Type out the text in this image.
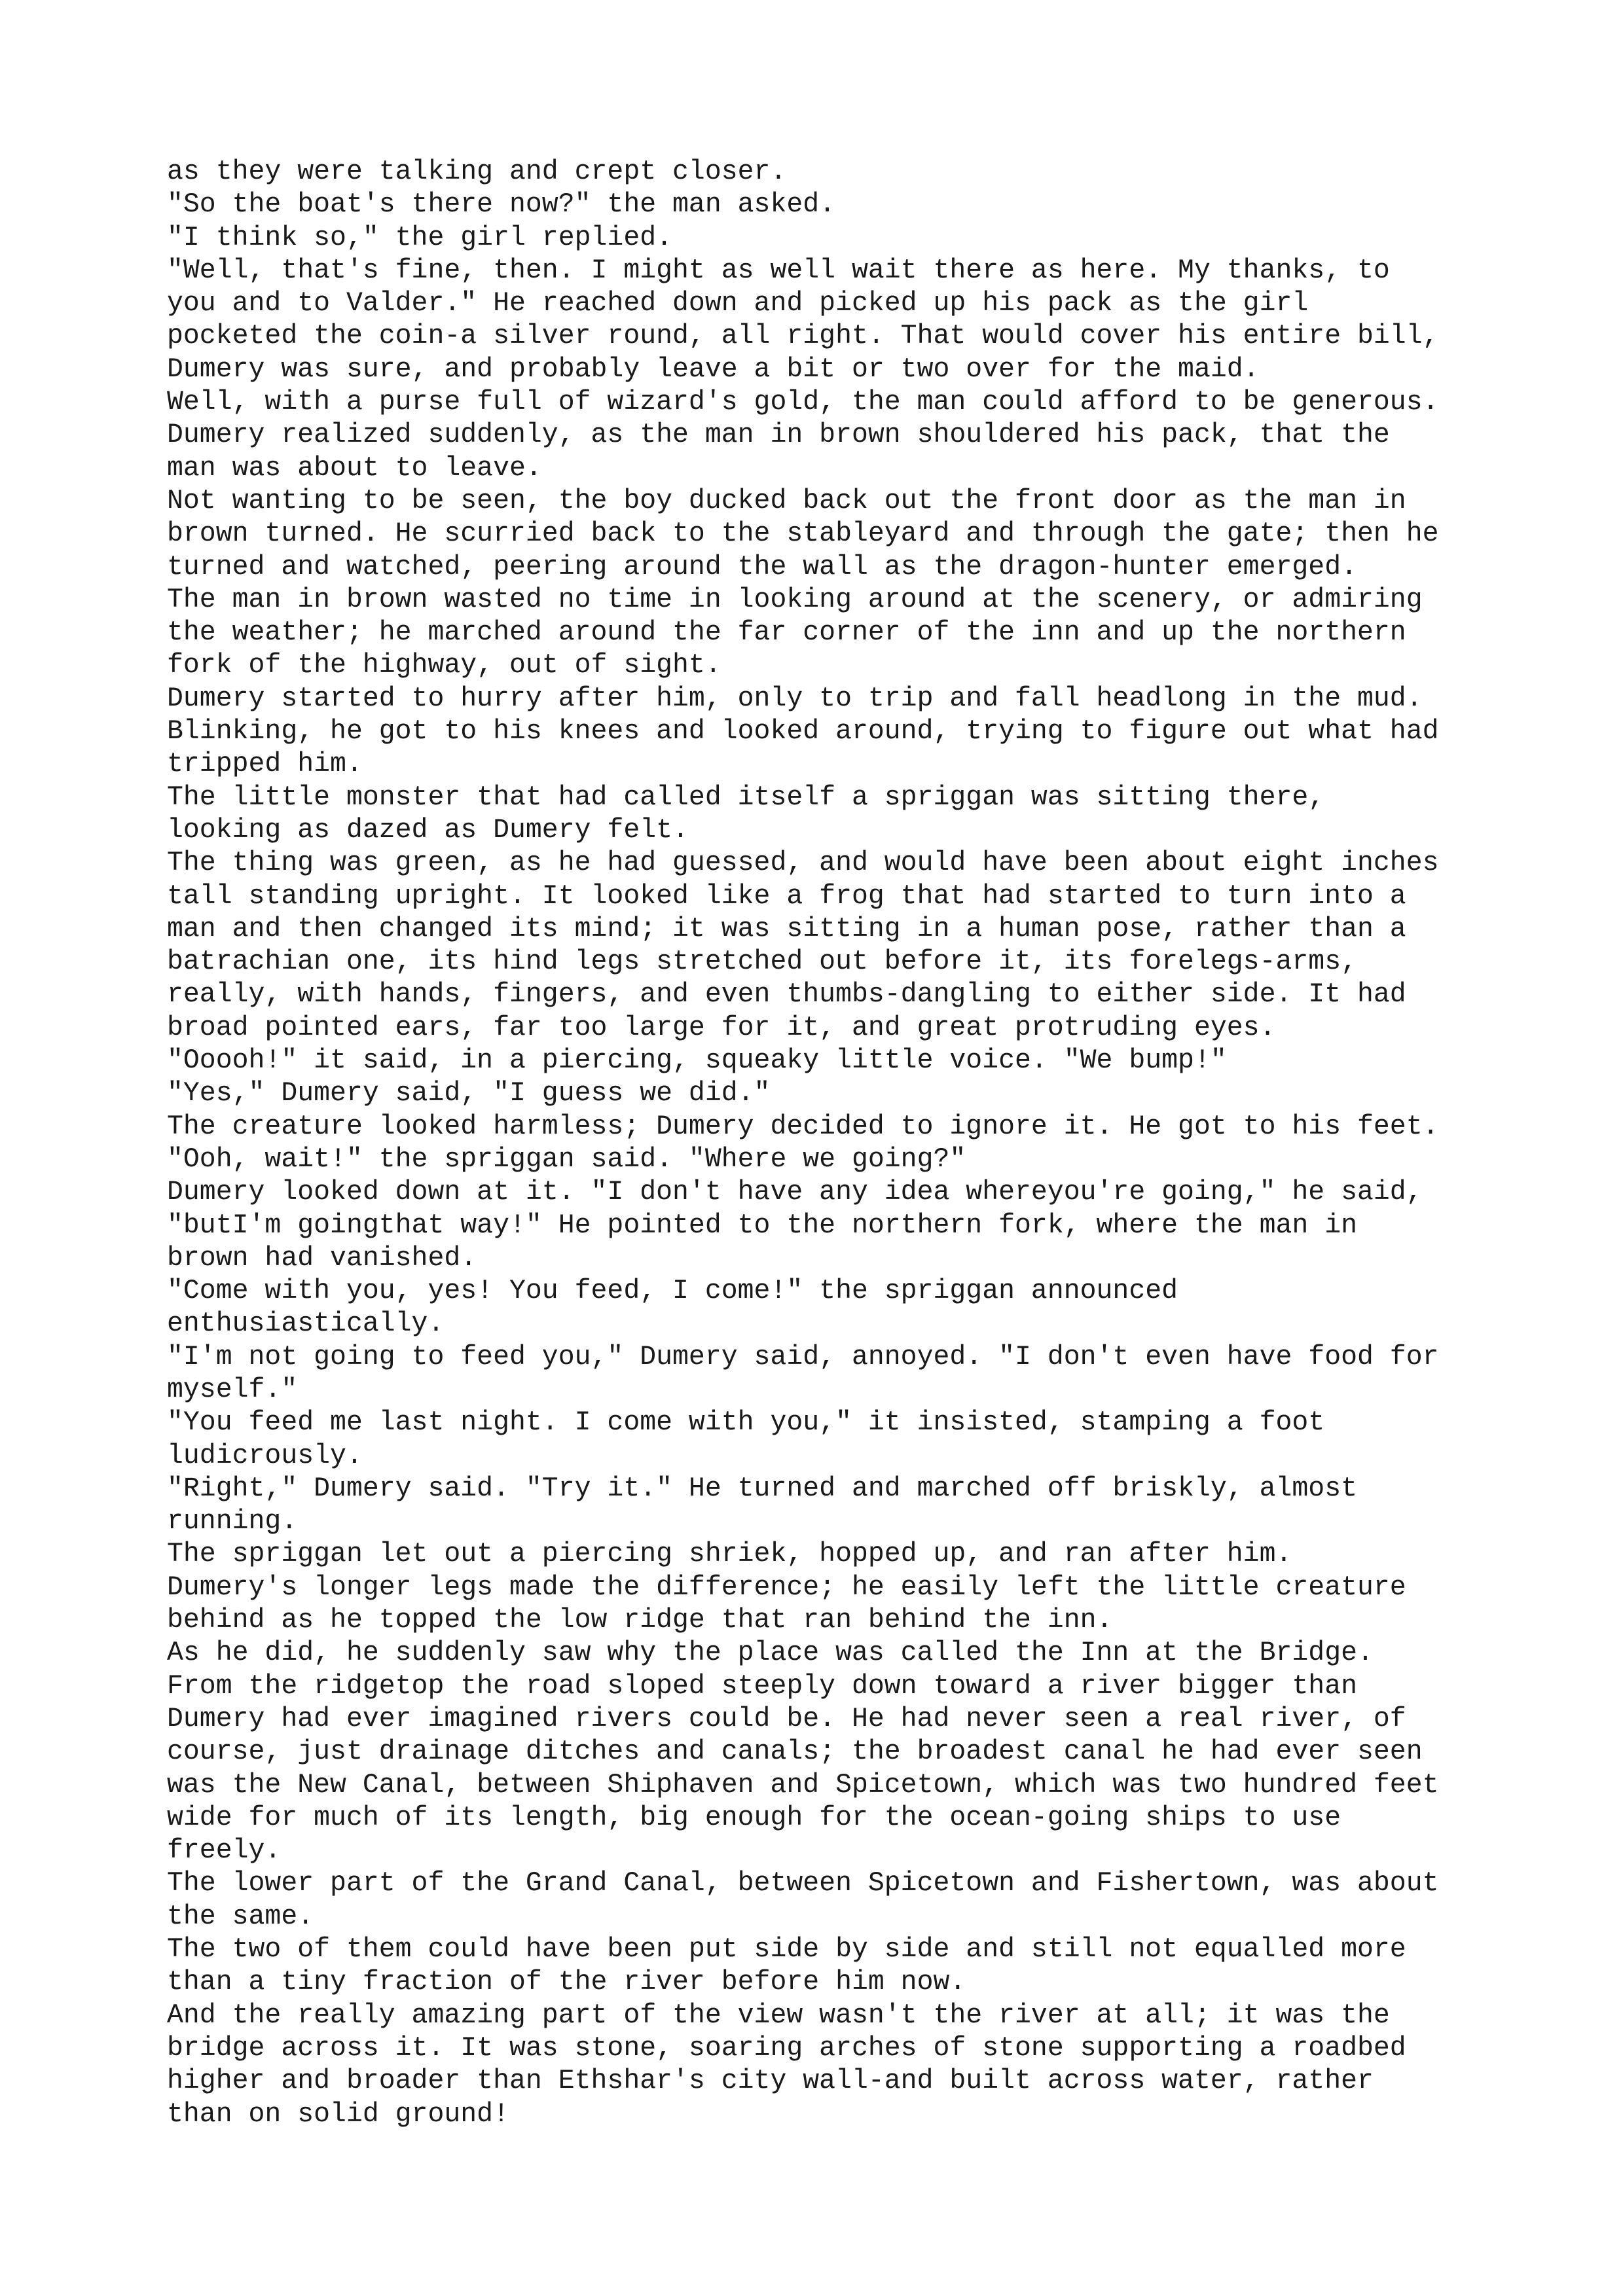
as they were talking and crept closer.
"So the boat's there now?" the man asked.
"I think so," the girl replied.
"Well, that's fine, then. I might as well wait there as here. My thanks, to
you and to Valder." He reached down and picked up his pack as the girl
pocketed the coin-a silver round, all right. That would cover his entire bill,
Dumery was sure, and probably leave a bit or two over for the maid.
Well, with a purse full of wizard's gold, the man could afford to be generous.
Dumery realized suddenly, as the man in brown shouldered his pack, that the
man was about to leave.
Not wanting to be seen, the boy ducked back out the front door as the man in
brown turned. He scurried back to the stableyard and through the gate; then he
turned and watched, peering around the wall as the dragon-hunter emerged.
The man in brown wasted no time in looking around at the scenery, or admiring
the weather; he marched around the far corner of the inn and up the northern
fork of the highway, out of sight.
Dumery started to hurry after him, only to trip and fall headlong in the mud.
Blinking, he got to his knees and looked around, trying to figure out what had
tripped him.
The little monster that had called itself a spriggan was sitting there,
looking as dazed as Dumery felt.
The thing was green, as he had guessed, and would have been about eight inches
tall standing upright. It looked like a frog that had started to turn into a
man and then changed its mind; it was sitting in a human pose, rather than a
batrachian one, its hind legs stretched out before it, its forelegs-arms,
really, with hands, fingers, and even thumbs-dangling to either side. It had
broad pointed ears, far too large for it, and great protruding eyes.
"Ooooh!" it said, in a piercing, squeaky little voice. "We bump!"
"Yes," Dumery said, "I guess we did."
The creature looked harmless; Dumery decided to ignore it. He got to his feet.
"Ooh, wait!" the spriggan said. "Where we going?"
Dumery looked down at it. "I don't have any idea whereyou're going," he said,
"butI'm goingthat way!" He pointed to the northern fork, where the man in
brown had vanished.
"Come with you, yes! You feed, I come!" the spriggan announced
enthusiastically.
"I'm not going to feed you," Dumery said, annoyed. "I don't even have food for
myself."
"You feed me last night. I come with you," it insisted, stamping a foot
ludicrously.
"Right," Dumery said. "Try it." He turned and marched off briskly, almost
running.
The spriggan let out a piercing shriek, hopped up, and ran after him.
Dumery's longer legs made the difference; he easily left the little creature
behind as he topped the low ridge that ran behind the inn.
As he did, he suddenly saw why the place was called the Inn at the Bridge.
From the ridgetop the road sloped steeply down toward a river bigger than
Dumery had ever imagined rivers could be. He had never seen a real river, of
course, just drainage ditches and canals; the broadest canal he had ever seen
was the New Canal, between Shiphaven and Spicetown, which was two hundred feet
wide for much of its length, big enough for the ocean-going ships to use
freely.
The lower part of the Grand Canal, between Spicetown and Fishertown, was about
the same.
The two of them could have been put side by side and still not equalled more
than a tiny fraction of the river before him now.
And the really amazing part of the view wasn't the river at all; it was the
bridge across it. It was stone, soaring arches of stone supporting a roadbed
higher and broader than Ethshar's city wall-and built across water, rather
than on solid ground!
